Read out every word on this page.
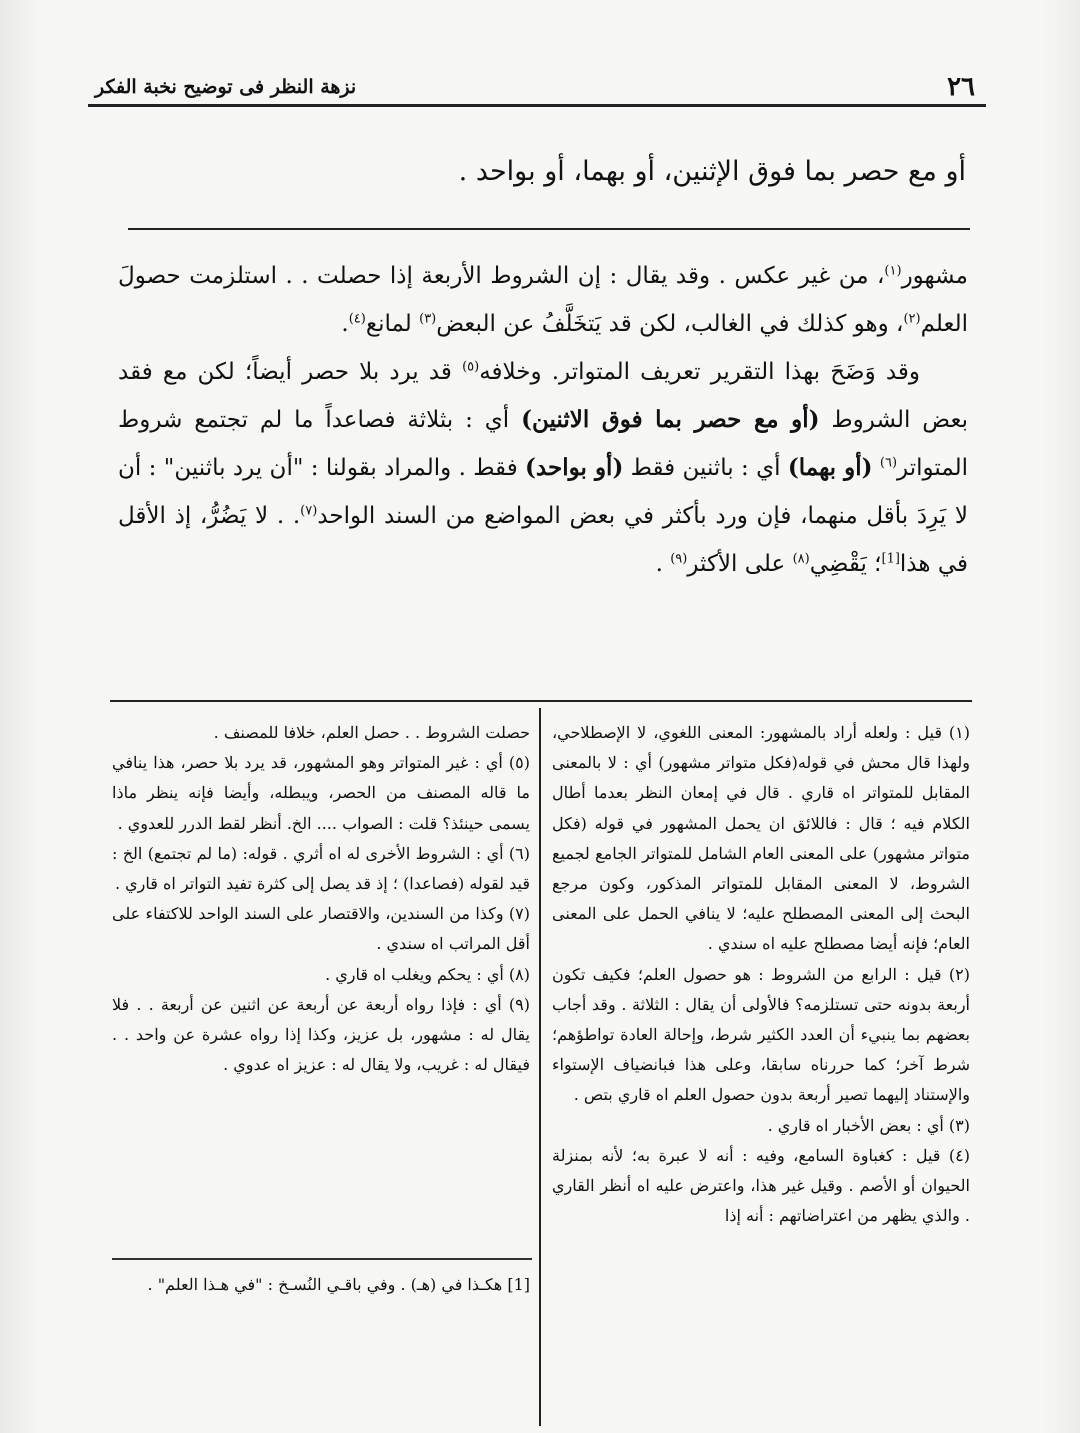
٢٦
نزهة النظر فى توضيح نخبة الفكر
أو مع حصر بما فوق الإثنين، أو بهما، أو بواحد .

مشهور$^{(١)}$، من غير عكس . وقد يقال : إن الشروط الأربعة إذا حصلت . . استلزمت حصولَ العلم$^{(٢)}$، وهو كذلك في الغالب، لكن قد يَتخَلَّفُ عن البعض$^{(٣)}$ لمانع$^{(٤)}$.

وقد وَضَحَ بهذا التقرير تعريف المتواتر. وخلافه$^{(٥)}$ قد يرد بلا حصر أيضاً؛ لكن مع فقد بعض الشروط (أو مع حصر بما فوق الاثنين) أي : بثلاثة فصاعداً ما لم تجتمع شروط المتواتر$^{(٦)}$ (أو بهما) أي : باثنين فقط (أو بواحد) فقط . والمراد بقولنا : "أن يرد باثنين" : أن لا يَرِدَ بأقل منهما، فإن ورد بأكثر في بعض المواضع من السند الواحد$^{(٧)}$. . لا يَضُرُّ، إذ الأقل في هذا[1]؛ يَقْضِي$^{(٨)}$ على الأكثر$^{(٩)}$ .

(١) قيل : ولعله أراد بالمشهور: المعنى اللغوي، لا الإصطلاحي، ولهذا قال محش في قوله(فكل متواتر مشهور) أي : لا بالمعنى المقابل للمتواتر اه قاري . قال في إمعان النظر بعدما أطال الكلام فيه ؛ قال : فاللائق ان يحمل المشهور في قوله (فكل متواتر مشهور) على المعنى العام الشامل للمتواتر الجامع لجميع الشروط، لا المعنى المقابل للمتواتر المذكور، وكون مرجع البحث إلى المعنى المصطلح عليه؛ لا ينافي الحمل على المعنى العام؛ فإنه أيضا مصطلح عليه اه سندي .

(٢) قيل : الرابع من الشروط : هو حصول العلم؛ فكيف تكون أربعة بدونه حتى تستلزمه؟ فالأولى أن يقال : الثلاثة . وقد أجاب بعضهم بما ينبيء أن العدد الكثير شرط، وإحالة العادة تواطؤهم؛ شرط آخر؛ كما حررناه سابقا، وعلى هذا فبانضياف الإستواء والإستناد إليهما تصير أربعة بدون حصول العلم اه قاري بتص .

(٣) أي : بعض الأخبار اه قاري .

(٤) قيل : كغباوة السامع، وفيه : أنه لا عبرة به؛ لأنه بمنزلة الحيوان أو الأصم . وقيل غير هذا، واعترض عليه اه أنظر القاري . والذي يظهر من اعتراضاتهم : أنه إذا

حصلت الشروط . . حصل العلم، خلافا للمصنف .

(٥) أي : غير المتواتر وهو المشهور، قد يرد بلا حصر، هذا ينافي ما قاله المصنف من الحصر، ويبطله، وأيضا فإنه ينظر ماذا يسمى حينئذ؟ قلت : الصواب .... الخ. أنظر لقط الدرر للعدوي .

(٦) أي : الشروط الأخرى له اه أثري . قوله: (ما لم تجتمع) الخ : قيد لقوله (فصاعدا) ؛ إذ قد يصل إلى كثرة تفيد التواتر اه قاري .

(٧) وكذا من السندين، والاقتصار على السند الواحد للاكتفاء على أقل المراتب اه سندي .

(٨) أي : يحكم ويغلب اه قاري .

(٩) أي : فإذا رواه أربعة عن أربعة عن اثنين عن أربعة . . فلا يقال له : مشهور، بل عزيز، وكذا إذا رواه عشرة عن واحد . . فيقال له : غريب، ولا يقال له : عزيز اه عدوي .

[1] هكـذا في (هـ) . وفي باقـي النُسـخ : "في هـذا العلم" .
